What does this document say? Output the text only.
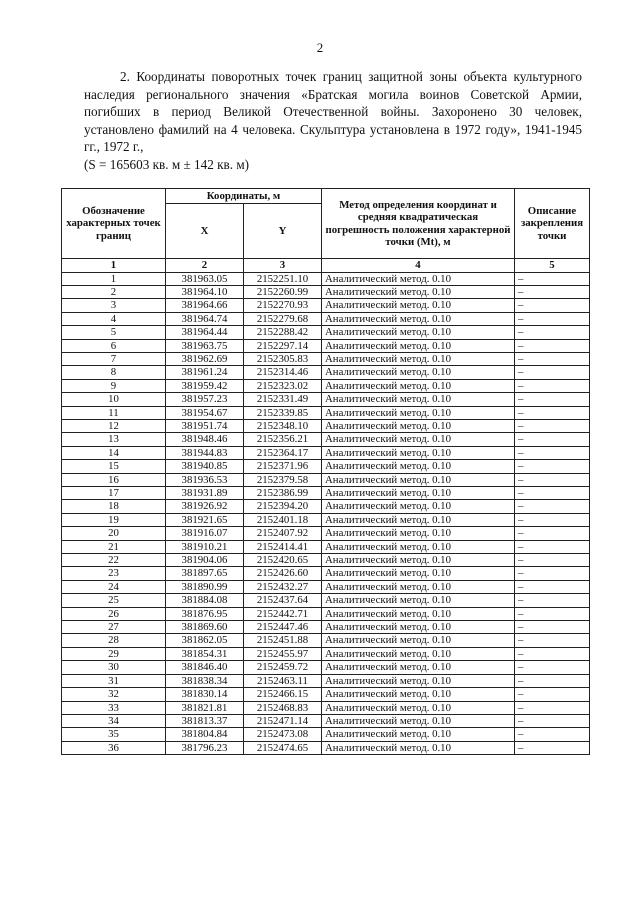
2

2. Координаты поворотных точек границ защитной зоны объекта культурного наследия регионального значения «Братская могила воинов Советской Армии, погибших в период Великой Отечественной войны. Захоронено 30 человек, установлено фамилий на 4 человека. Скульптура установлена в 1972 году», 1941-1945 гг., 1972 г.,

(S = 165603 кв. м ± 142 кв. м)

Обозначение характерных точек границ	Координаты, м		Метод определения координат и средняя квадратическая погрешность положения характерной точки (Mt), м	Описание закрепления точки
	X	Y		
1	2	3	4	5
1	381963.05	2152251.10	Аналитический метод. 0.10	–
2	381964.10	2152260.99	Аналитический метод. 0.10	–
3	381964.66	2152270.93	Аналитический метод. 0.10	–
4	381964.74	2152279.68	Аналитический метод. 0.10	–
5	381964.44	2152288.42	Аналитический метод. 0.10	–
6	381963.75	2152297.14	Аналитический метод. 0.10	–
7	381962.69	2152305.83	Аналитический метод. 0.10	–
8	381961.24	2152314.46	Аналитический метод. 0.10	–
9	381959.42	2152323.02	Аналитический метод. 0.10	–
10	381957.23	2152331.49	Аналитический метод. 0.10	–
11	381954.67	2152339.85	Аналитический метод. 0.10	–
12	381951.74	2152348.10	Аналитический метод. 0.10	–
13	381948.46	2152356.21	Аналитический метод. 0.10	–
14	381944.83	2152364.17	Аналитический метод. 0.10	–
15	381940.85	2152371.96	Аналитический метод. 0.10	–
16	381936.53	2152379.58	Аналитический метод. 0.10	–
17	381931.89	2152386.99	Аналитический метод. 0.10	–
18	381926.92	2152394.20	Аналитический метод. 0.10	–
19	381921.65	2152401.18	Аналитический метод. 0.10	–
20	381916.07	2152407.92	Аналитический метод. 0.10	–
21	381910.21	2152414.41	Аналитический метод. 0.10	–
22	381904.06	2152420.65	Аналитический метод. 0.10	–
23	381897.65	2152426.60	Аналитический метод. 0.10	–
24	381890.99	2152432.27	Аналитический метод. 0.10	–
25	381884.08	2152437.64	Аналитический метод. 0.10	–
26	381876.95	2152442.71	Аналитический метод. 0.10	–
27	381869.60	2152447.46	Аналитический метод. 0.10	–
28	381862.05	2152451.88	Аналитический метод. 0.10	–
29	381854.31	2152455.97	Аналитический метод. 0.10	–
30	381846.40	2152459.72	Аналитический метод. 0.10	–
31	381838.34	2152463.11	Аналитический метод. 0.10	–
32	381830.14	2152466.15	Аналитический метод. 0.10	–
33	381821.81	2152468.83	Аналитический метод. 0.10	–
34	381813.37	2152471.14	Аналитический метод. 0.10	–
35	381804.84	2152473.08	Аналитический метод. 0.10	–
36	381796.23	2152474.65	Аналитический метод. 0.10	–
